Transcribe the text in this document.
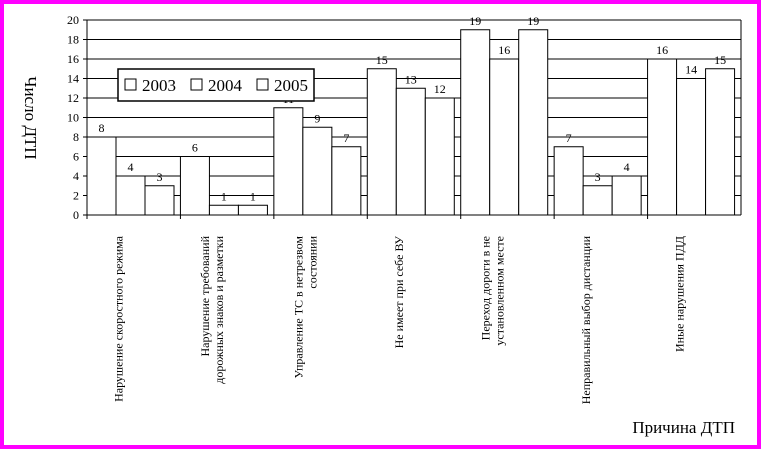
0
2
4
6
8
10
12
14
16
18
20
8
4
3
6
1 1
9
7
15
13
12
19
16
19
7
3
4
16
14
15
Нарушение скоростного режима	Нарушение требований дорожных знаков и разметки	Управление ТС в нетрезвом состоянии	Не имеет при себе ВУ	Переход дороги в не установленном месте	Неправильный выбор дистанции	Иные нарушения ПДД
Число ДТП
Причина ДТП
2003 2004 2005
